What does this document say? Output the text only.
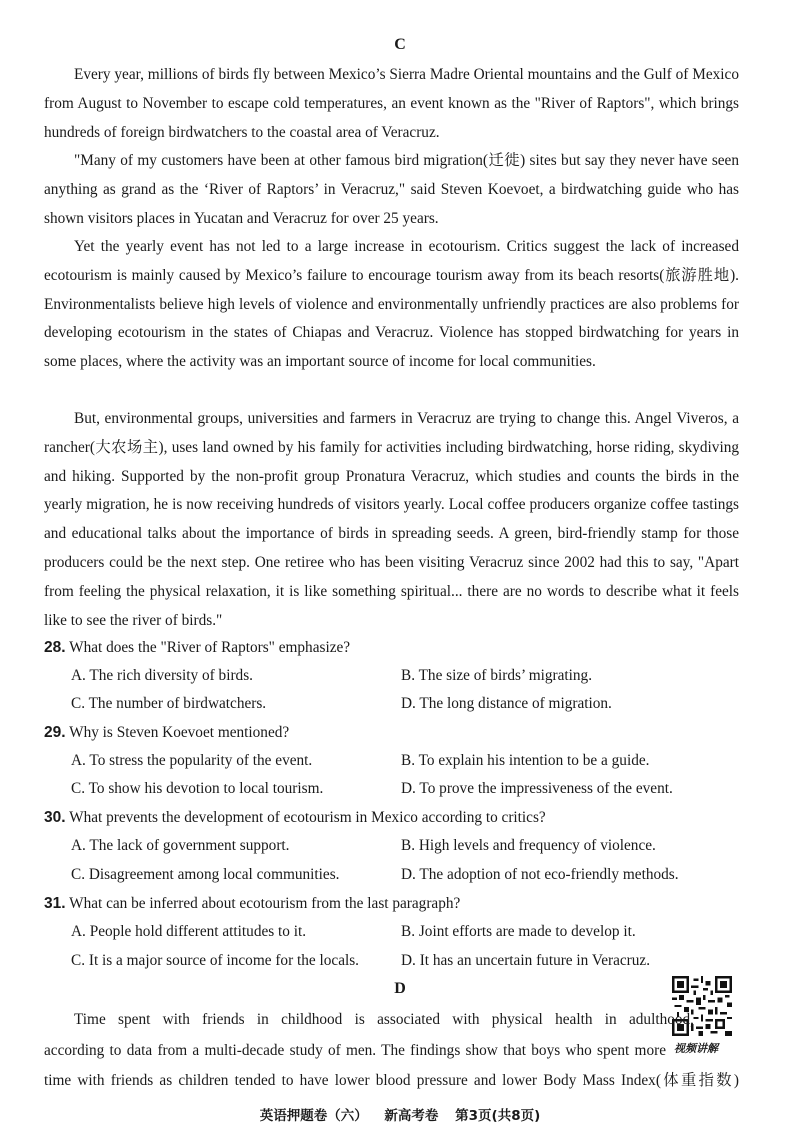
C

Every year, millions of birds fly between Mexico’s Sierra Madre Oriental mountains and the Gulf of Mexico from August to November to escape cold temperatures, an event known as the "River of Raptors", which brings hundreds of foreign birdwatchers to the coastal area of Veracruz.

"Many of my customers have been at other famous bird migration(迁徙) sites but say they never have seen anything as grand as the ‘River of Raptors’ in Veracruz," said Steven Koevoet, a birdwatching guide who has shown visitors places in Yucatan and Veracruz for over 25 years.

Yet the yearly event has not led to a large increase in ecotourism. Critics suggest the lack of increased ecotourism is mainly caused by Mexico’s failure to encourage tourism away from its beach resorts(旅游胜地). Environmentalists believe high levels of violence and environmentally unfriendly practices are also problems for developing ecotourism in the states of Chiapas and Veracruz. Violence has stopped birdwatching for years in some places, where the activity was an important source of income for local communities.

But, environmental groups, universities and farmers in Veracruz are trying to change this. Angel Viveros, a rancher(大农场主), uses land owned by his family for activities including birdwatching, horse riding, skydiving and hiking. Supported by the non-profit group Pronatura Veracruz, which studies and counts the birds in the yearly migration, he is now receiving hundreds of visitors yearly. Local coffee producers organize coffee tastings and educational talks about the importance of birds in spreading seeds. A green, bird-friendly stamp for those producers could be the next step. One retiree who has been visiting Veracruz since 2002 had this to say, "Apart from feeling the physical relaxation, it is like something spiritual... there are no words to describe what it feels like to see the river of birds."

28. What does the "River of Raptors" emphasize?
A. The rich diversity of birds.	B. The size of birds’ migrating.
C. The number of birdwatchers.	D. The long distance of migration.
29. Why is Steven Koevoet mentioned?
A. To stress the popularity of the event.	B. To explain his intention to be a guide.
C. To show his devotion to local tourism.	D. To prove the impressiveness of the event.
30. What prevents the development of ecotourism in Mexico according to critics?
A. The lack of government support.	B. High levels and frequency of violence.
C. Disagreement among local communities.	D. The adoption of not eco-friendly methods.
31. What can be inferred about ecotourism from the last paragraph?
A. People hold different attitudes to it.	B. Joint efforts are made to develop it.
C. It is a major source of income for the locals.	D. It has an uncertain future in Veracruz.
D
视频讲解
Time spent with friends in childhood is associated with physical health in adulthood,
according to data from a multi-decade study of men. The findings show that boys who spent more
time with friends as children tended to have lower blood pressure and lower Body Mass Index(体重指数)
英语押题卷（六） 新高考卷 第3页(共8页)
